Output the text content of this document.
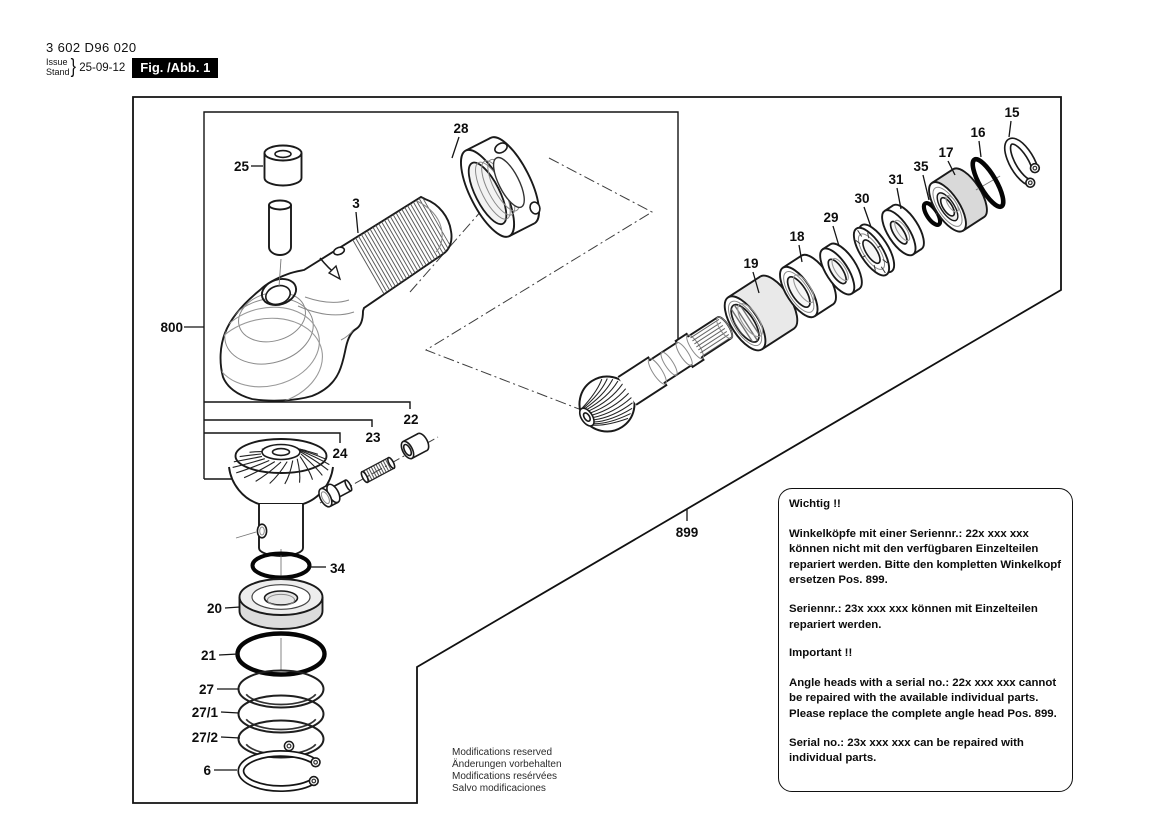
800
3
25
28
22
23
24
34
20
21
27
27/1
27/2
6
19
18
29
30
31
35
17
16
15
899
3 602 D96 020
Issue
Stand } 25-09-12	Fig. /Abb. 1

Wichtig !!

Winkelköpfe mit einer Seriennr.: 22x xxx xxx können nicht mit den verfügbaren Einzelteilen repariert werden. Bitte den kompletten Winkelkopf ersetzen Pos. 899.

Seriennr.: 23x xxx xxx können mit Einzelteilen repariert werden.

Important !!

Angle heads with a serial no.: 22x xxx xxx cannot be repaired with the available individual parts. Please replace the complete angle head Pos. 899.

Serial no.: 23x xxx xxx can be repaired with individual parts.

Modifications reserved
Änderungen vorbehalten
Modifications resérvées
Salvo modificaciones
